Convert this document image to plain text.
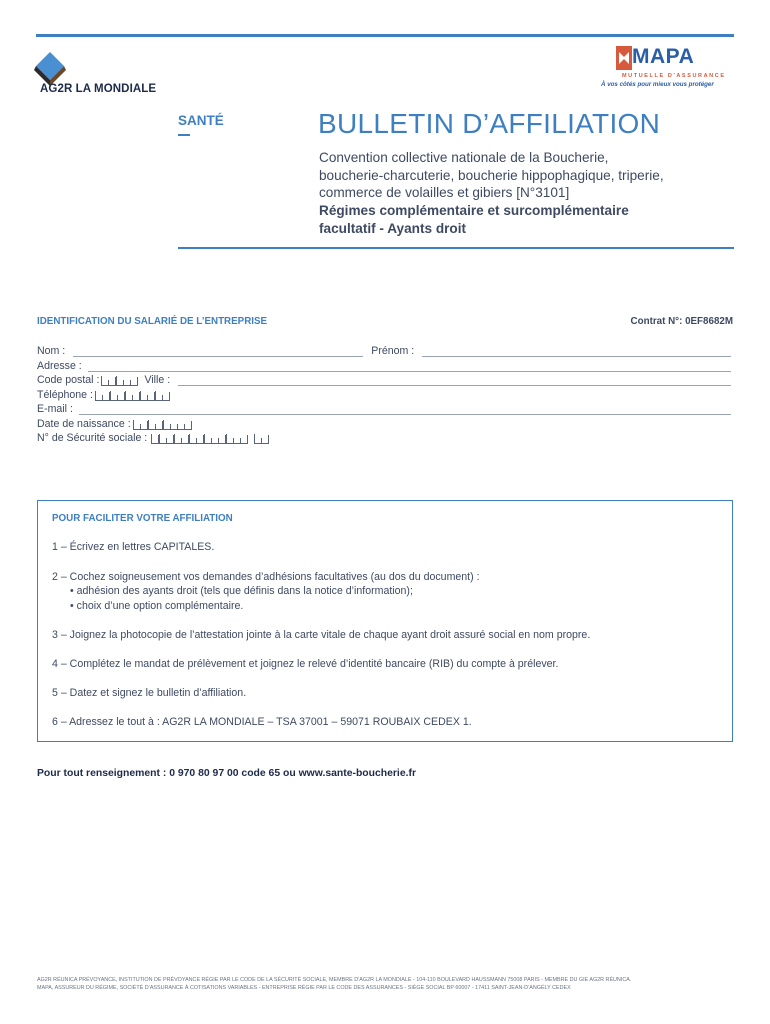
AG2R LA MONDIALE
MAPA
MUTUELLE D'ASSURANCE
À vos côtés pour mieux vous protéger
SANTÉ	BULLETIN D’AFFILIATION
Convention collective nationale de la Boucherie,
boucherie-charcuterie, boucherie hippophagique, triperie,
commerce de volailles et gibiers [N°3101]
Régimes complémentaire et surcomplémentaire
facultatif - Ayants droit
IDENTIFICATION DU SALARIÉ DE L’ENTREPRISE	Contrat N°: 0EF8682M
Nom :	Prénom :
Adresse :
Code postal :	Ville :
Téléphone :
E-mail :
Date de naissance :
N° de Sécurité sociale :
POUR FACILITER VOTRE AFFILIATION
1 – Écrivez en lettres CAPITALES.
2 – Cochez soigneusement vos demandes d’adhésions facultatives (au dos du document) :
• adhésion des ayants droit (tels que définis dans la notice d’information);
• choix d’une option complémentaire.
3 – Joignez la photocopie de l’attestation jointe à la carte vitale de chaque ayant droit assuré social en nom propre.
4 – Complétez le mandat de prélèvement et joignez le relevé d’identité bancaire (RIB) du compte à prélever.
5 – Datez et signez le bulletin d’affiliation.
6 – Adressez le tout à : AG2R LA MONDIALE – TSA 37001 – 59071 ROUBAIX CEDEX 1.
Pour tout renseignement : 0 970 80 97 00 code 65 ou www.sante-boucherie.fr
AG2R RÉUNICA PRÉVOYANCE, INSTITUTION DE PRÉVOYANCE RÉGIE PAR LE CODE DE LA SÉCURITÉ SOCIALE, MEMBRE D’AG2R LA MONDIALE - 104-110 BOULEVARD HAUSSMANN 75008 PARIS - MEMBRE DU GIE AG2R RÉUNICA.
MAPA, ASSUREUR DU RÉGIME, SOCIÉTÉ D’ASSURANCE À COTISATIONS VARIABLES - ENTREPRISE RÉGIE PAR LE CODE DES ASSURANCES - SIÈGE SOCIAL BP 60007 - 17411 SAINT-JEAN-D’ANGÉLY CEDEX
